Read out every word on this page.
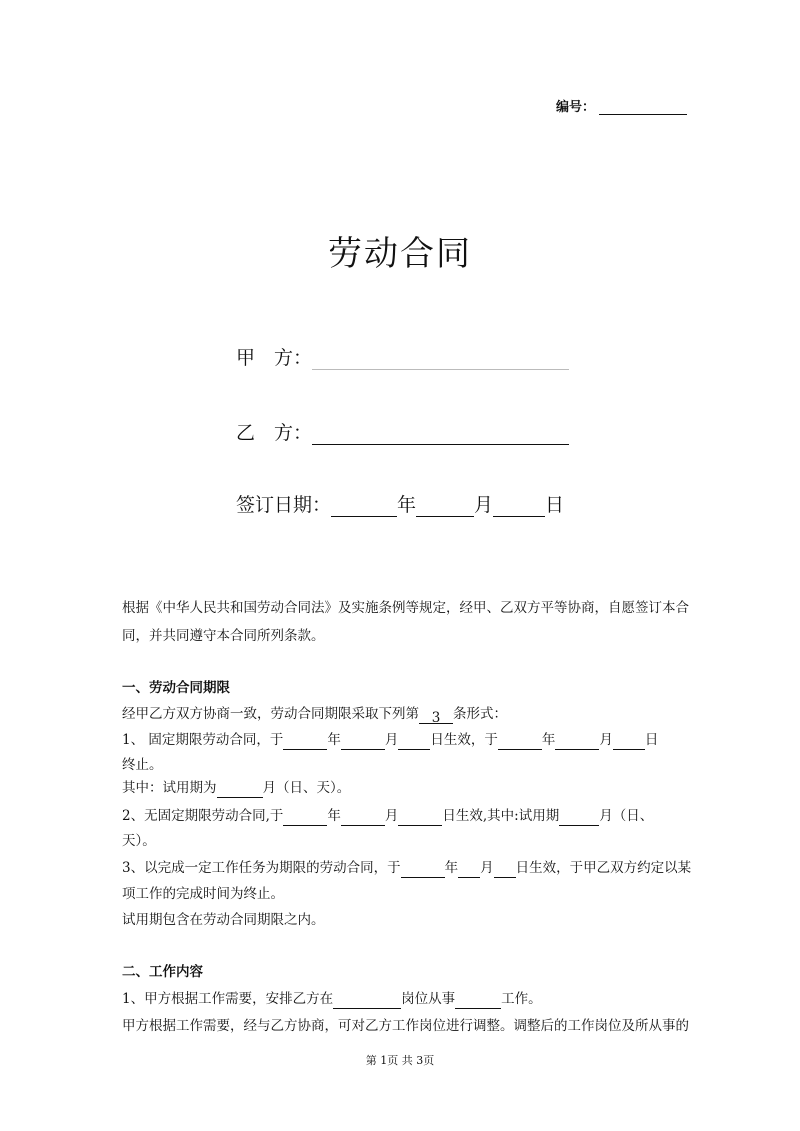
编号：
劳动合同
甲　方：
乙　方：
签订日期：	年	月	日
根据《中华人民共和国劳动合同法》及实施条例等规定，经甲、乙双方平等协商，自愿签订本合
同，并共同遵守本合同所列条款。
一、劳动合同期限
经甲乙方双方协商一致，劳动合同期限采取下列第 3 条形式：
1、 固定期限劳动合同，于	年	月 日生效，于	年	月 日
终止。
其中：试用期为	月（日、天）。
2、无固定期限劳动合同,于	年	月	日生效,其中:试用期	月（日、
天）。
3、以完成一定工作任务为期限的劳动合同，于	年 月 日生效，于甲乙双方约定以某
项工作的完成时间为终止。
试用期包含在劳动合同期限之内。
二、工作内容
1、甲方根据工作需要，安排乙方在	岗位从事	工作。
甲方根据工作需要，经与乙方协商，可对乙方工作岗位进行调整。调整后的工作岗位及所从事的
第 1页 共 3页
